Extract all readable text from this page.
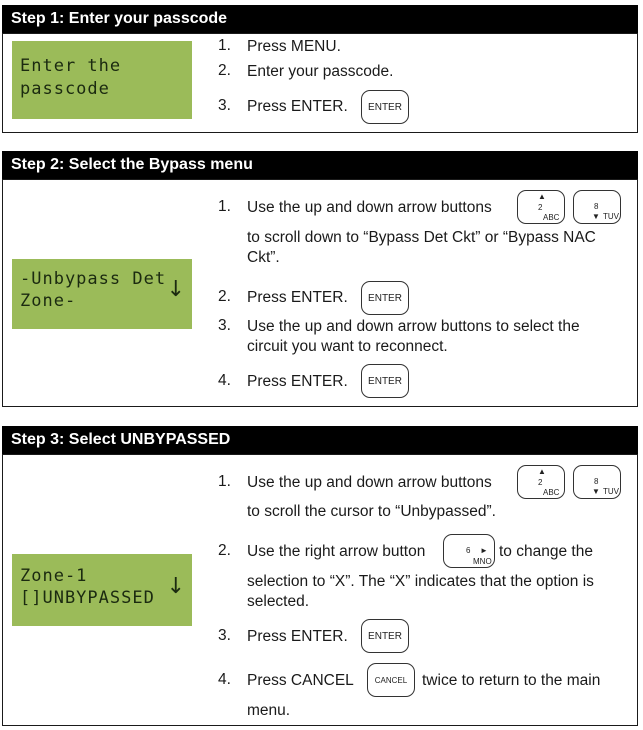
Step 1: Enter your passcode
Enter the
passcode
1.	Press MENU.
2.	Enter your passcode.
3.	Press ENTER.	ENTER
Step 2: Select the Bypass menu
-Unbypass Det
Zone-	↓
1.	Use the up and down arrow buttons
▲
2
ABC
8
▼ TUV
to scroll down to “Bypass Det Ckt” or “Bypass NAC
Ckt”.
2.	Press ENTER.	ENTER
3.	Use the up and down arrow buttons to select the
circuit you want to reconnect.
4.	Press ENTER.	ENTER
Step 3: Select UNBYPASSED
Zone-1
[]UNBYPASSED ↓
1.	Use the up and down arrow buttons
▲
2
ABC
8
▼ TUV
to scroll the cursor to “Unbypassed”.
2.	Use the right arrow button	6 ►
MNO
to change the
selection to “X”. The “X” indicates that the option is
selected.
3.	Press ENTER.	ENTER
4.	Press CANCEL	CANCEL twice to return to the main
menu.
